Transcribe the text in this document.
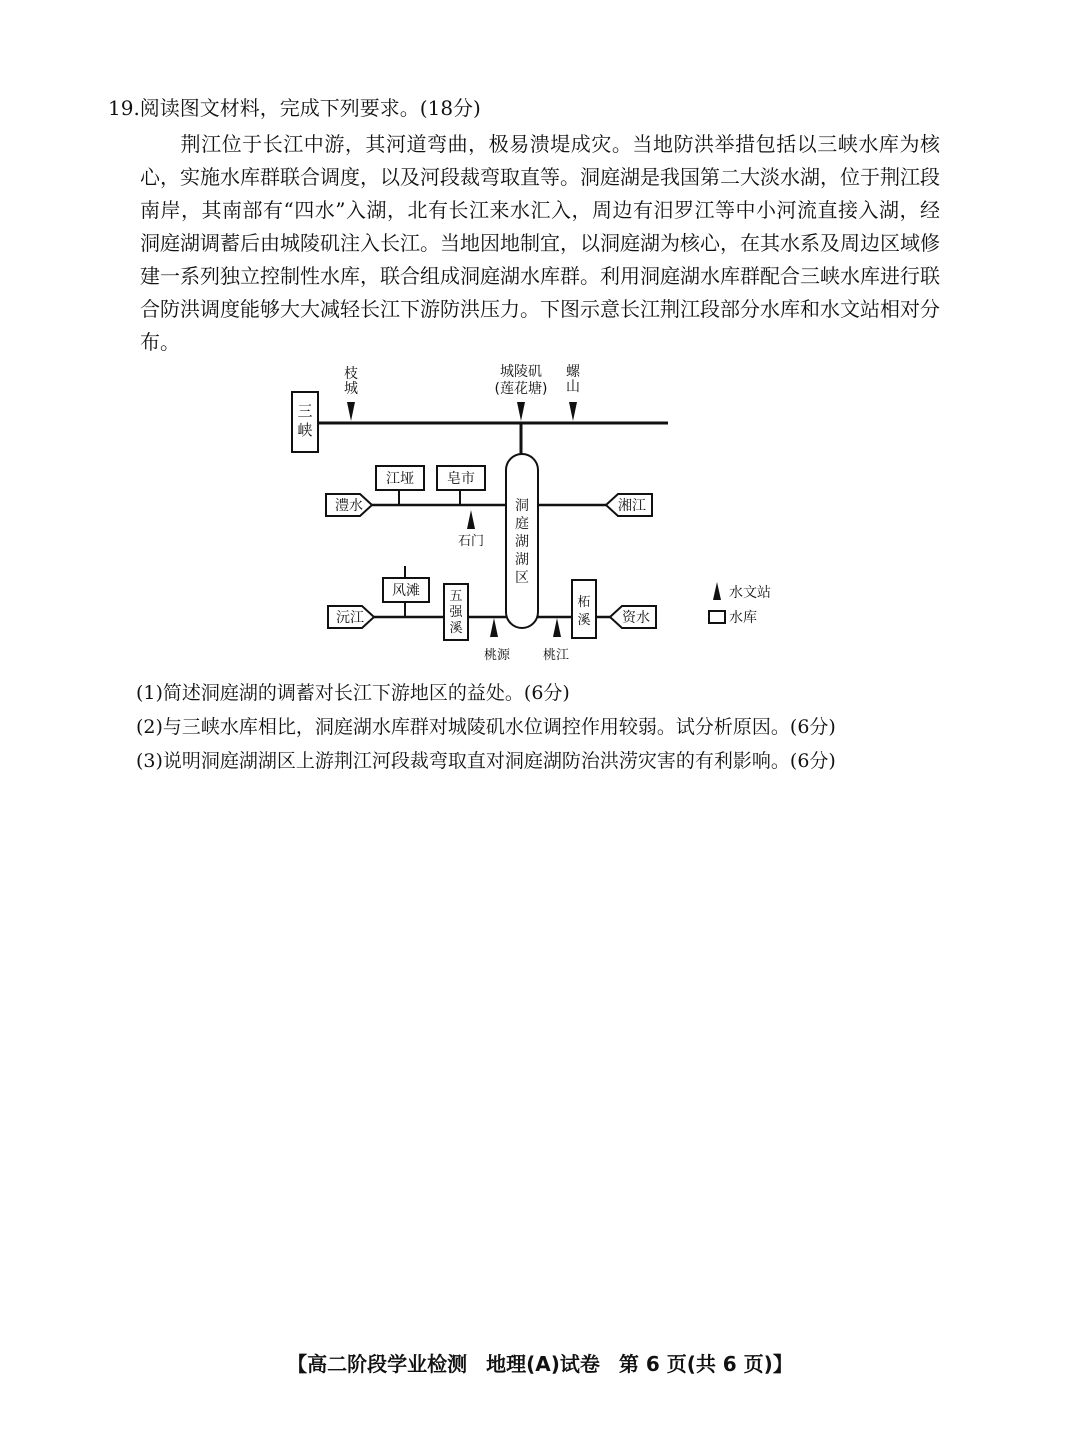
19.阅读图文材料，完成下列要求。(18分)
荆江位于长江中游，其河道弯曲，极易溃堤成灾。当地防洪举措包括以三峡水库为核心，实施水库群联合调度，以及河段裁弯取直等。洞庭湖是我国第二大淡水湖，位于荆江段南岸，其南部有“四水”入湖，北有长江来水汇入，周边有汨罗江等中小河流直接入湖，经洞庭湖调蓄后由城陵矶注入长江。当地因地制宜，以洞庭湖为核心，在其水系及周边区域修建一系列独立控制性水库，联合组成洞庭湖水库群。利用洞庭湖水库群配合三峡水库进行联合防洪调度能够大大减轻长江下游防洪压力。下图示意长江荆江段部分水库和水文站相对分布。
三
峡
枝
城
城陵矶
(莲花塘)
螺
山
洞
庭
湖
湖
区
澧水
江垭 皂市
石门
湘江
沅江
风滩 五
强
溪
桃源
资水
柘
溪
桃江
水文站
水库
(1)简述洞庭湖的调蓄对长江下游地区的益处。(6分)
(2)与三峡水库相比，洞庭湖水库群对城陵矶水位调控作用较弱。试分析原因。(6分)
(3)说明洞庭湖湖区上游荆江河段裁弯取直对洞庭湖防治洪涝灾害的有利影响。(6分)
【高二阶段学业检测 地理(A)试卷 第 6 页(共 6 页)】
